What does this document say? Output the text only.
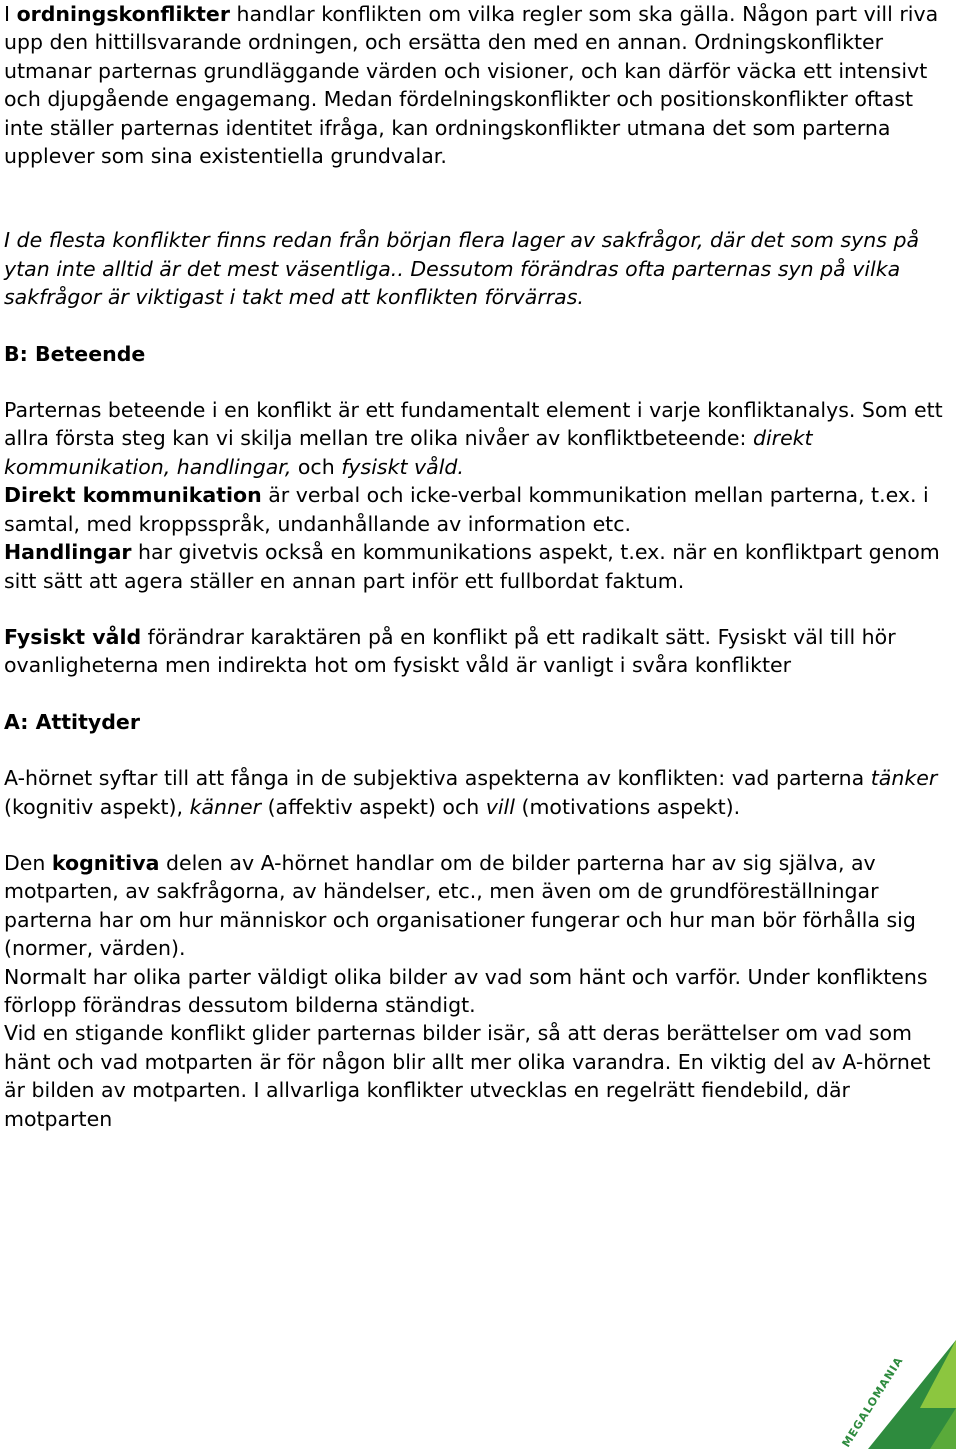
I ordningskonflikter handlar konflikten om vilka regler som ska gälla. Någon part vill riva upp den hittillsvarande ordningen, och ersätta den med en annan. Ordningskonflikter utmanar parternas grundläggande värden och visioner, och kan därför väcka ett intensivt och djupgående engagemang. Medan fördelningskonflikter och positionskonflikter oftast inte ställer parternas identitet ifråga, kan ordningskonflikter utmana det som parterna upplever som sina existentiella grundvalar.

I de flesta konflikter finns redan från början flera lager av sakfrågor, där det som syns på ytan inte alltid är det mest väsentliga.. Dessutom förändras ofta parternas syn på vilka sakfrågor är viktigast i takt med att konflikten förvärras.

B: Beteende

Parternas beteende i en konflikt är ett fundamentalt element i varje konfliktanalys. Som ett allra första steg kan vi skilja mellan tre olika nivåer av konfliktbeteende: direkt kommunikation, handlingar, och fysiskt våld.

Direkt kommunikation är verbal och icke-verbal kommunikation mellan parterna, t.ex. i samtal, med kroppsspråk, undanhållande av information etc.

Handlingar har givetvis också en kommunikations aspekt, t.ex. när en konfliktpart genom sitt sätt att agera ställer en annan part inför ett fullbordat faktum.

Fysiskt våld förändrar karaktären på en konflikt på ett radikalt sätt. Fysiskt väl till hör ovanligheterna men indirekta hot om fysiskt våld är vanligt i svåra konflikter

A: Attityder

A-hörnet syftar till att fånga in de subjektiva aspekterna av konflikten: vad parterna tänker (kognitiv aspekt), känner (affektiv aspekt) och vill (motivations aspekt).

Den kognitiva delen av A-hörnet handlar om de bilder parterna har av sig själva, av motparten, av sakfrågorna, av händelser, etc., men även om de grundföreställningar parterna har om hur människor och organisationer fungerar och hur man bör förhålla sig (normer, värden).

Normalt har olika parter väldigt olika bilder av vad som hänt och varför. Under konfliktens förlopp förändras dessutom bilderna ständigt.

Vid en stigande konflikt glider parternas bilder isär, så att deras berättelser om vad som hänt och vad motparten är för någon blir allt mer olika varandra. En viktig del av A-hörnet är bilden av motparten. I allvarliga konflikter utvecklas en regelrätt fiendebild, där motparten

MEGALOMANIA
